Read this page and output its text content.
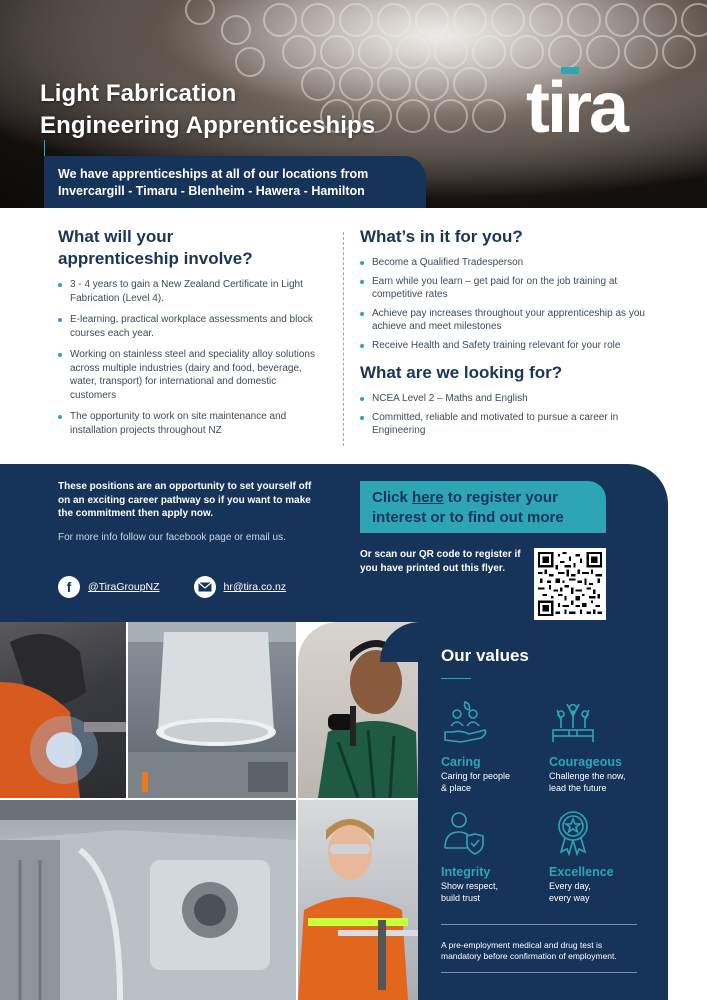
Light Fabrication
Engineering Apprenticeships tira
We have apprenticeships at all of our locations from
Invercargill - Timaru - Blenheim - Hawera - Hamilton
What will your
apprenticeship involve?
3 - 4 years to gain a New Zealand Certificate in Light Fabrication (Level 4).
E-learning, practical workplace assessments and block courses each year.
Working on stainless steel and speciality alloy solutions across multiple industries (dairy and food, beverage, water, transport) for international and domestic customers
The opportunity to work on site maintenance and installation projects throughout NZ
What’s in it for you?
Become a Qualified Tradesperson
Earn while you learn – get paid for on the job training at competitive rates
Achieve pay increases throughout your apprenticeship as you achieve and meet milestones
Receive Health and Safety training relevant for your role
What are we looking for?
NCEA Level 2 – Maths and English
Committed, reliable and motivated to pursue a career in Engineering
These positions are an opportunity to set yourself off on an exciting career pathway so if you want to make the commitment then apply now.
For more info follow our facebook page or email us.
f	@TiraGroupNZ	hr@tira.co.nz
Click here to register your interest or to find out more
Or scan our QR code to register if you have printed out this flyer.
Our values
Caring
Caring for people
& place
Courageous
Challenge the now,
lead the future
Integrity
Show respect,
build trust
Excellence
Every day,
every way
A pre-employment medical and drug test is mandatory before confirmation of employment.
